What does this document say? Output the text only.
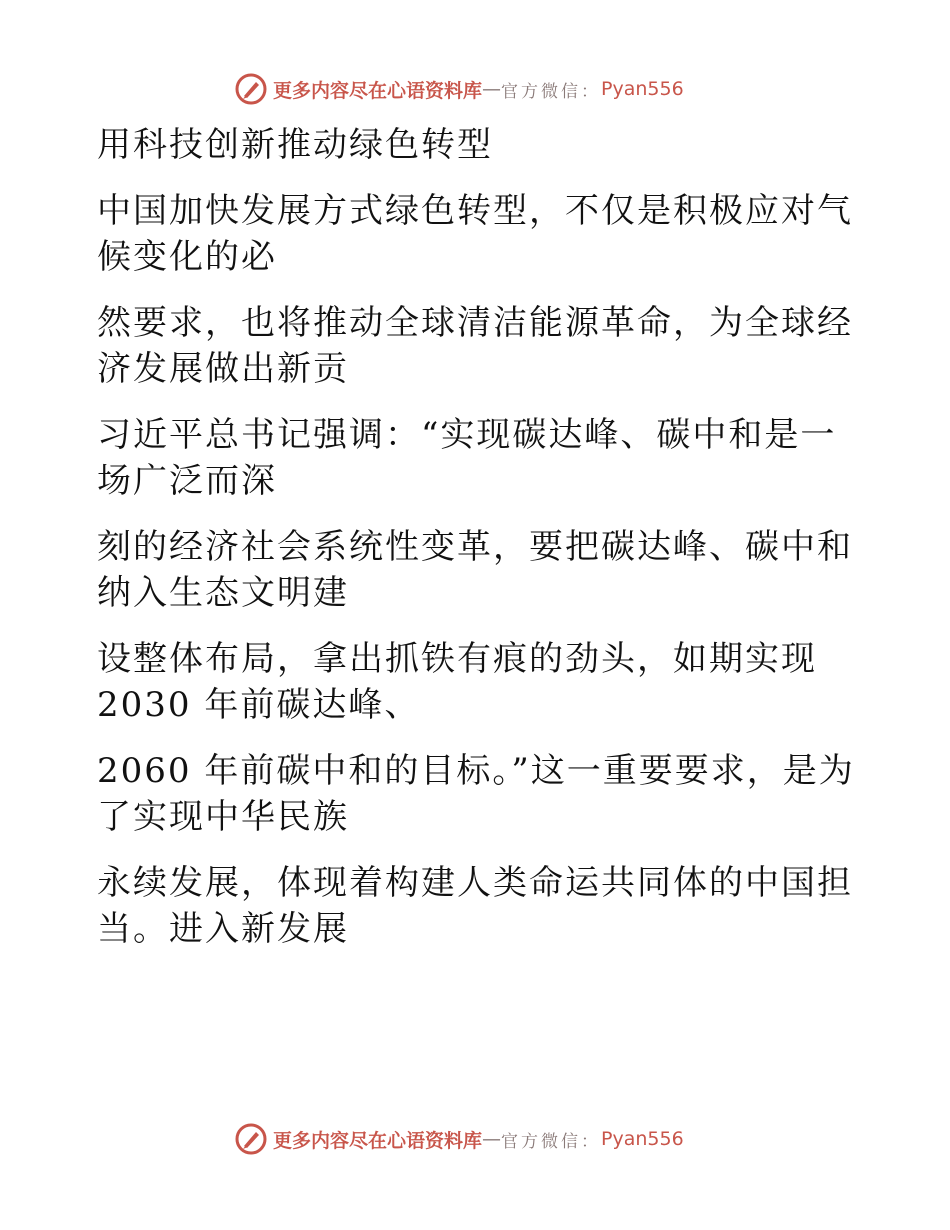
更多内容尽在心语资料库 — 官方微信： Pyan556
用科技创新推动绿色转型
中国加快发展方式绿色转型，不仅是积极应对气
候变化的必
然要求，也将推动全球清洁能源革命，为全球经
济发展做出新贡
习近平总书记强调：“实现碳达峰、碳中和是一
场广泛而深
刻的经济社会系统性变革，要把碳达峰、碳中和
纳入生态文明建
设整体布局，拿出抓铁有痕的劲头，如期实现
2030 年前碳达峰、
2060 年前碳中和的目标。”这一重要要求，是为
了实现中华民族
永续发展，体现着构建人类命运共同体的中国担
当。进入新发展
更多内容尽在心语资料库 — 官方微信： Pyan556
